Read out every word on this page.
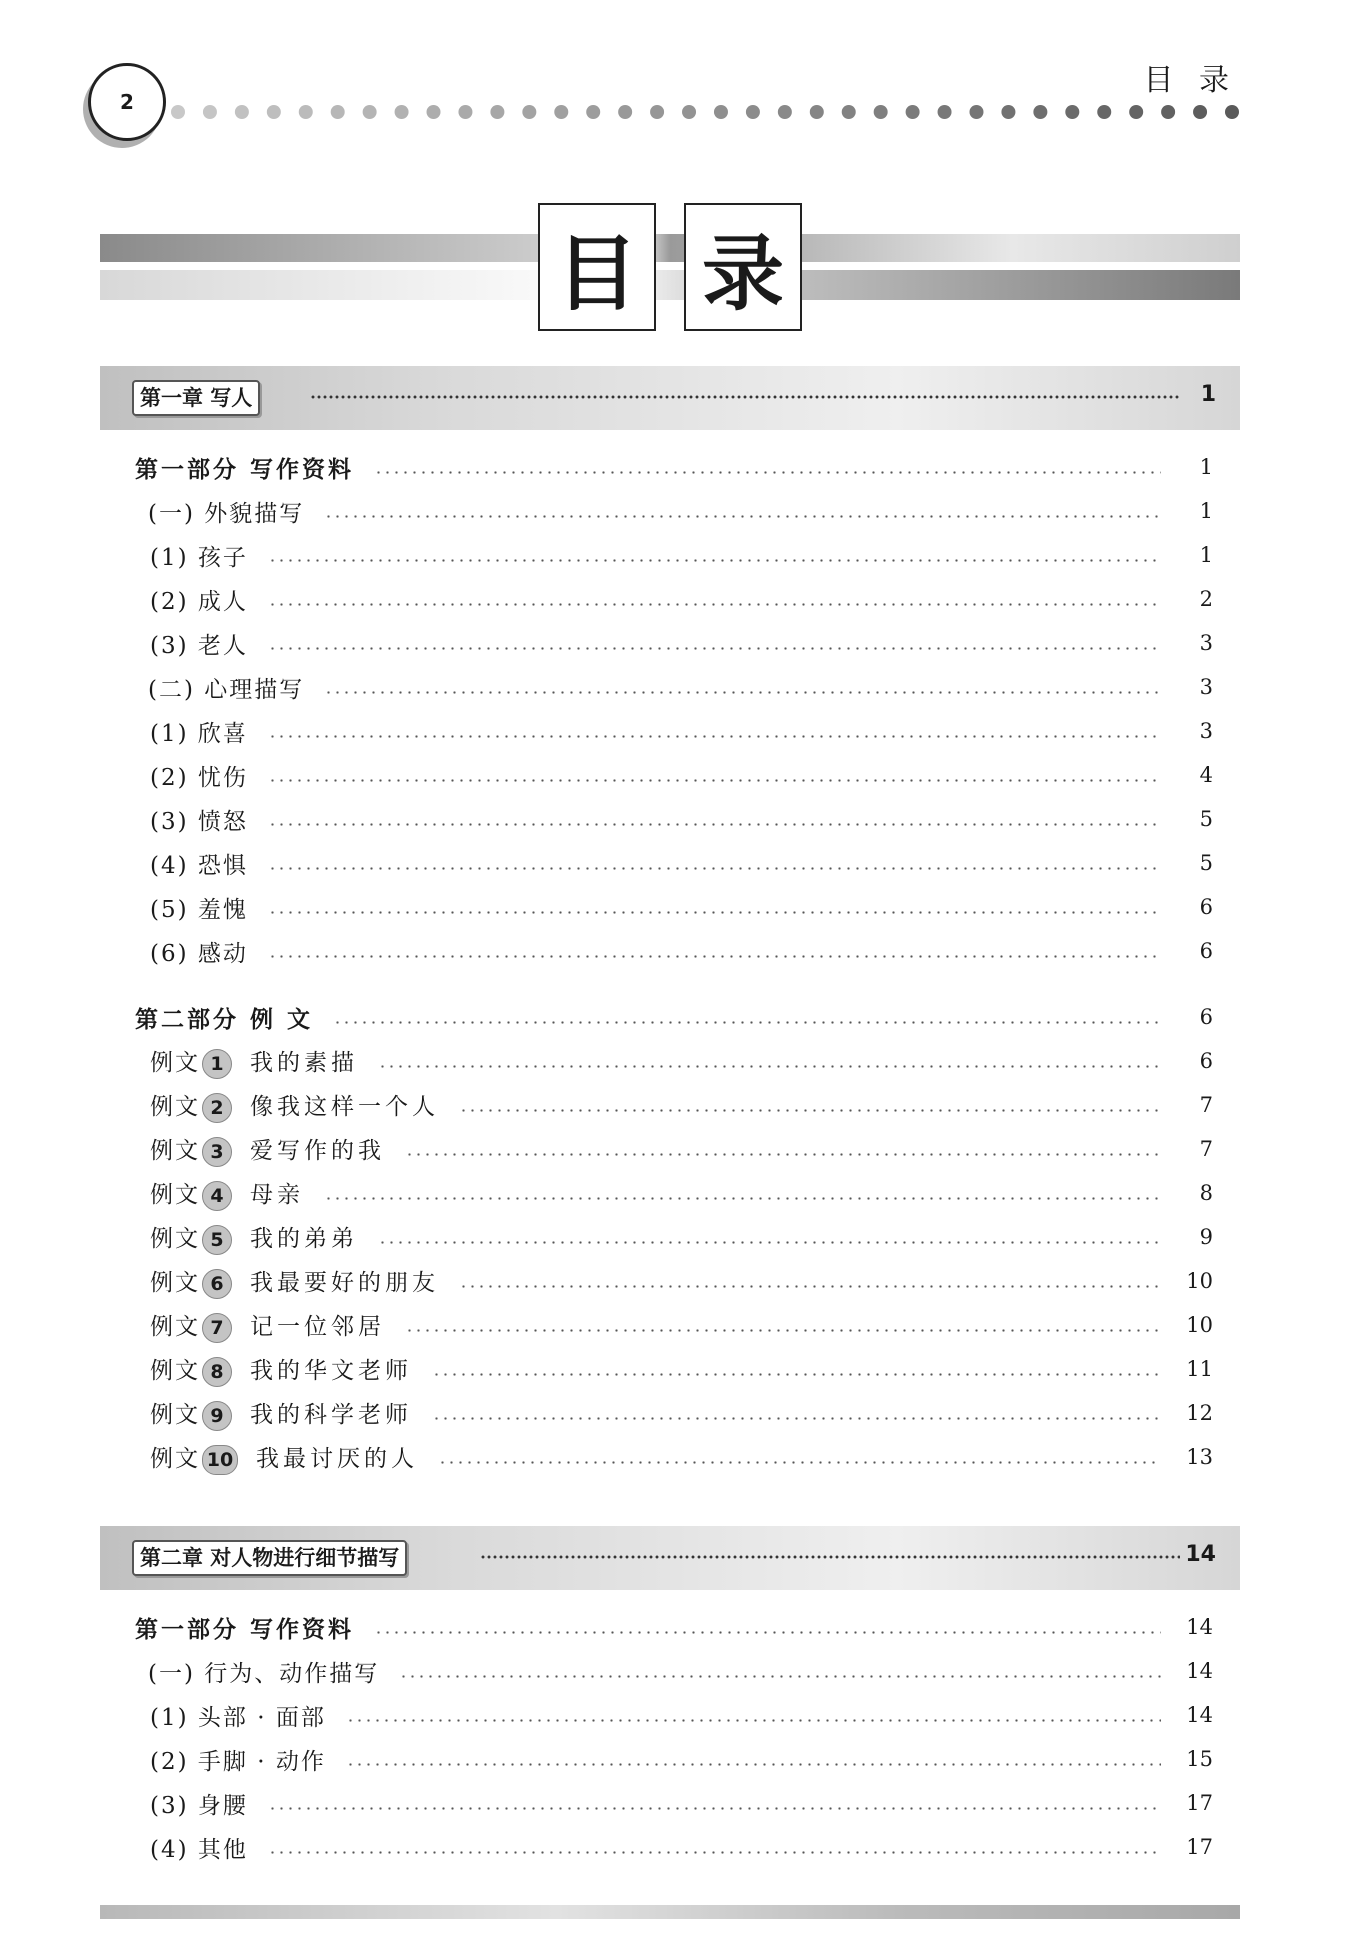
2
目 录
目 录
第一章 写人	1
第一部分 写作资料	1
(一) 外貌描写	1
(1) 孩子	1
(2) 成人	2
(3) 老人	3
(二) 心理描写	3
(1) 欣喜	3
(2) 忧伤	4
(3) 愤怒	5
(4) 恐惧	5
(5) 羞愧	6
(6) 感动	6
第二部分 例 文	6
例文 1 我的素描	6
例文 2 像我这样一个人	7
例文 3 爱写作的我	7
例文 4 母亲	8
例文 5 我的弟弟	9
例文 6 我最要好的朋友	10
例文 7 记一位邻居	10
例文 8 我的华文老师	11
例文 9 我的科学老师	12
例文 10 我最讨厌的人	13
第二章 对人物进行细节描写	14
第一部分 写作资料	14
(一) 行为、动作描写	14
(1) 头部 · 面部	14
(2) 手脚 · 动作	15
(3) 身腰	17
(4) 其他	17
